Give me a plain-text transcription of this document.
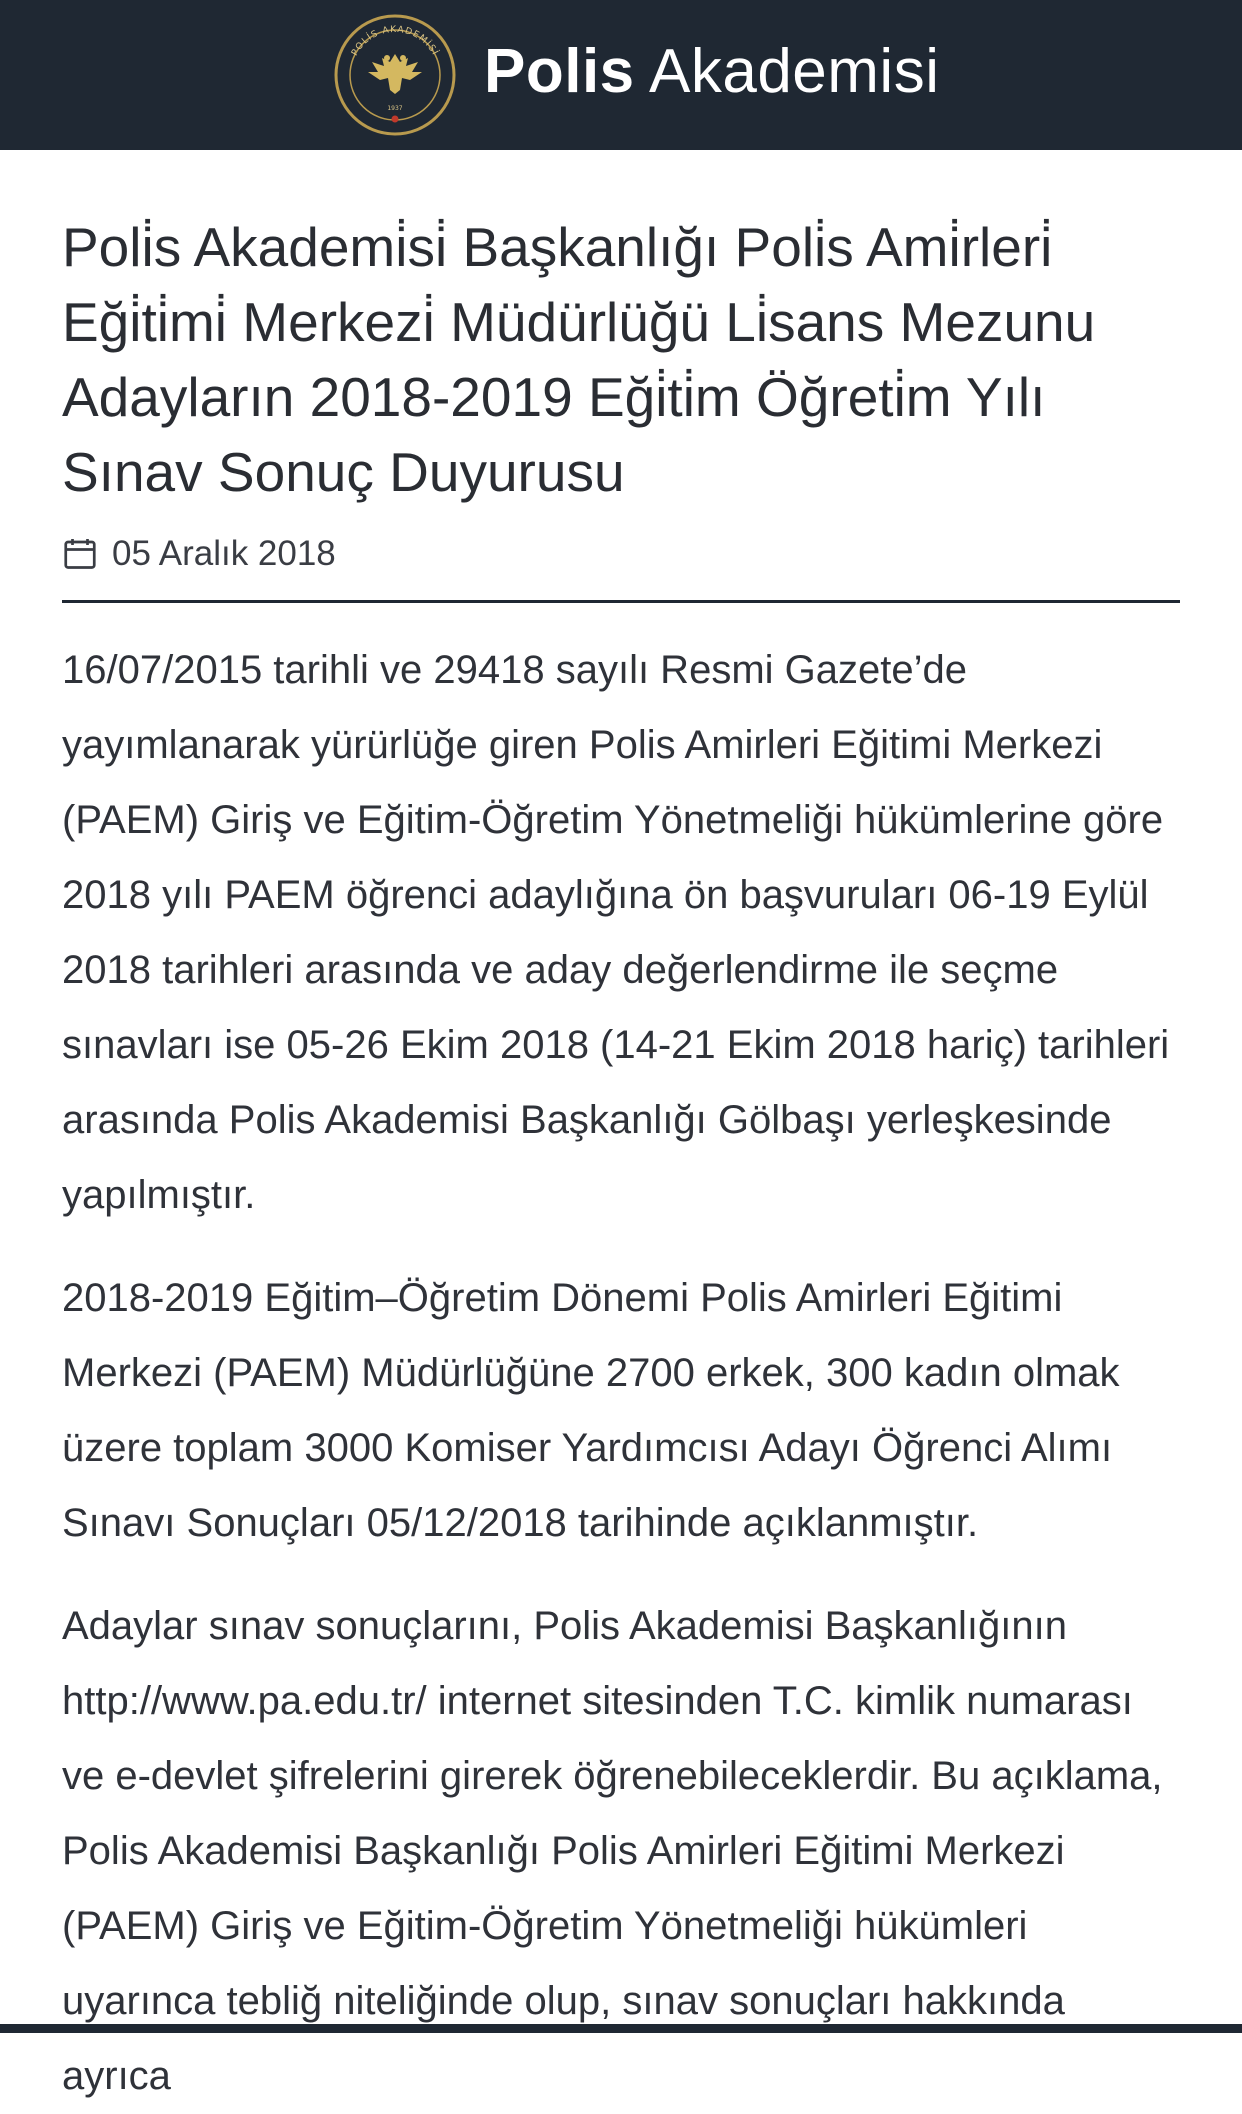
POLİS AKADEMİSİ
1937
Polis Akademisi
Poli̇s Akademi̇si̇ Başkanlığı Poli̇s Ami̇rleri̇ Eği̇ti̇mi̇ Merkezi̇ Müdürlüğü Li̇sans Mezunu Adayların 2018-2019 Eği̇ti̇m Öğreti̇m Yılı Sınav Sonuç Duyurusu
05 Aralık 2018

16/07/2015 tarihli ve 29418 sayılı Resmi Gazete’de yayımlanarak yürürlüğe giren Polis Amirleri Eğitimi Merkezi (PAEM) Giriş ve Eğitim-Öğretim Yönetmeliği hükümlerine göre 2018 yılı PAEM öğrenci adaylığına ön başvuruları 06-19 Eylül 2018 tarihleri arasında ve aday değerlendirme ile seçme sınavları ise 05-26 Ekim 2018 (14-21 Ekim 2018 hariç) tarihleri arasında Polis Akademisi Başkanlığı Gölbaşı yerleşkesinde yapılmıştır.

2018-2019 Eğitim–Öğretim Dönemi Polis Amirleri Eğitimi Merkezi (PAEM) Müdürlüğüne 2700 erkek, 300 kadın olmak üzere toplam 3000 Komiser Yardımcısı Adayı Öğrenci Alımı Sınavı Sonuçları 05/12/2018 tarihinde açıklanmıştır.

Adaylar sınav sonuçlarını, Polis Akademisi Başkanlığının http://www.pa.edu.tr/ internet sitesinden T.C. kimlik numarası ve e-devlet şifrelerini girerek öğrenebileceklerdir. Bu açıklama, Polis Akademisi Başkanlığı Polis Amirleri Eğitimi Merkezi (PAEM) Giriş ve Eğitim-Öğretim Yönetmeliği hükümleri uyarınca tebliğ niteliğinde olup, sınav sonuçları hakkında ayrıca
